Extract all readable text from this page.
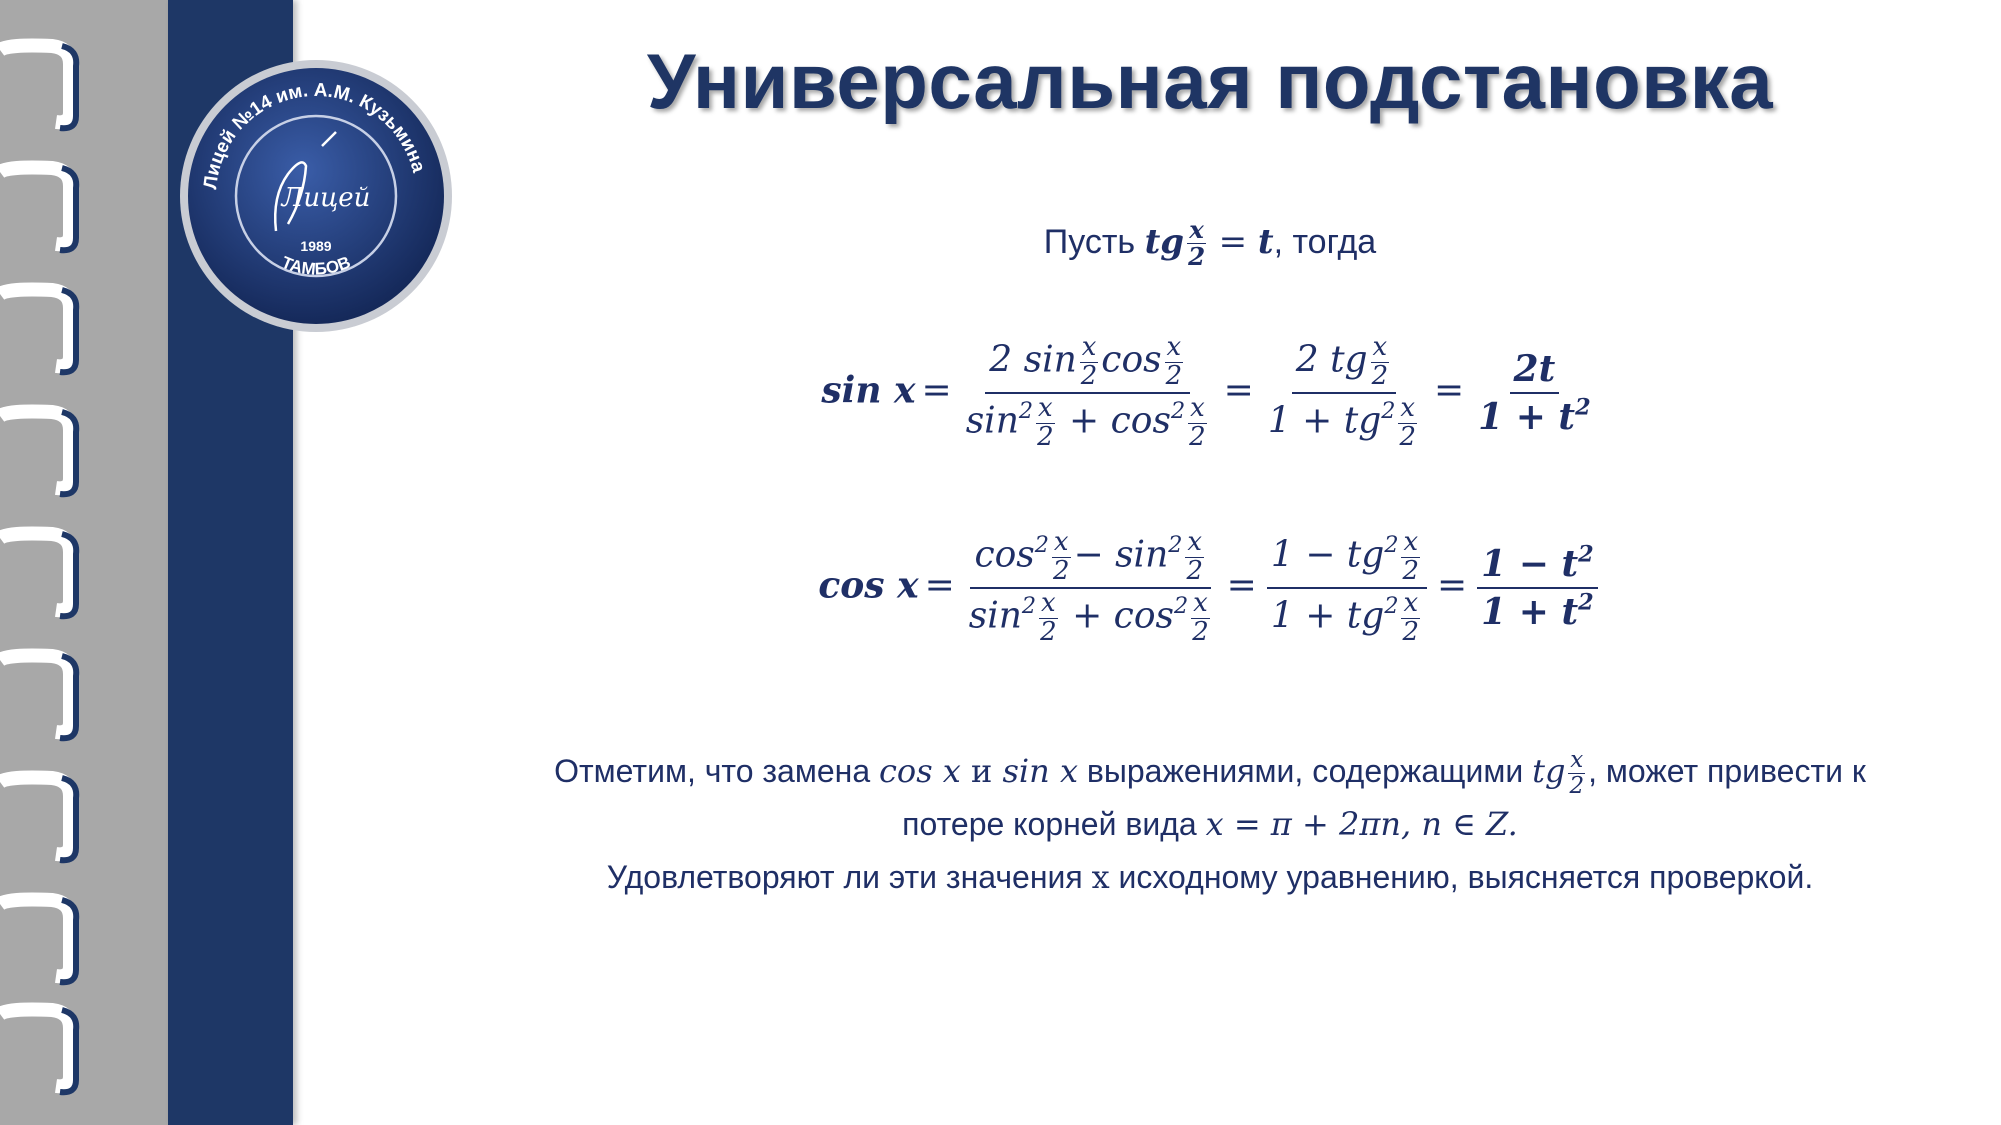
Лицей №14 им. А.М. Кузьмина
ТАМБОВ
Лицей
1989
Универсальная подстановка
Пусть tg $\frac{x}{2} = t$, тогда
$\sin x = \frac{2 \sin \frac{x}{2} \cos \frac{x}{2}}{\sin^2 \frac{x}{2} + \cos^2 \frac{x}{2}} = \frac{2 tg \frac{x}{2}}{1 + tg^2 \frac{x}{2}} = \frac{2t}{1 + t^2}$
$\cos x = \frac{\cos^2 \frac{x}{2} - \sin^2 \frac{x}{2}}{\sin^2 \frac{x}{2} + \cos^2 \frac{x}{2}} = \frac{1 - tg^2 \frac{x}{2}}{1 + tg^2 \frac{x}{2}} = \frac{1 - t^2}{1 + t^2}$
Отметим, что замена cos x и sin x выражениями, содержащими tg $\frac{x}{2}$ , может привести к
потере корней вида x = π + 2πn, n ∈ Z.
Удовлетворяют ли эти значения x исходному уравнению, выясняется проверкой.
